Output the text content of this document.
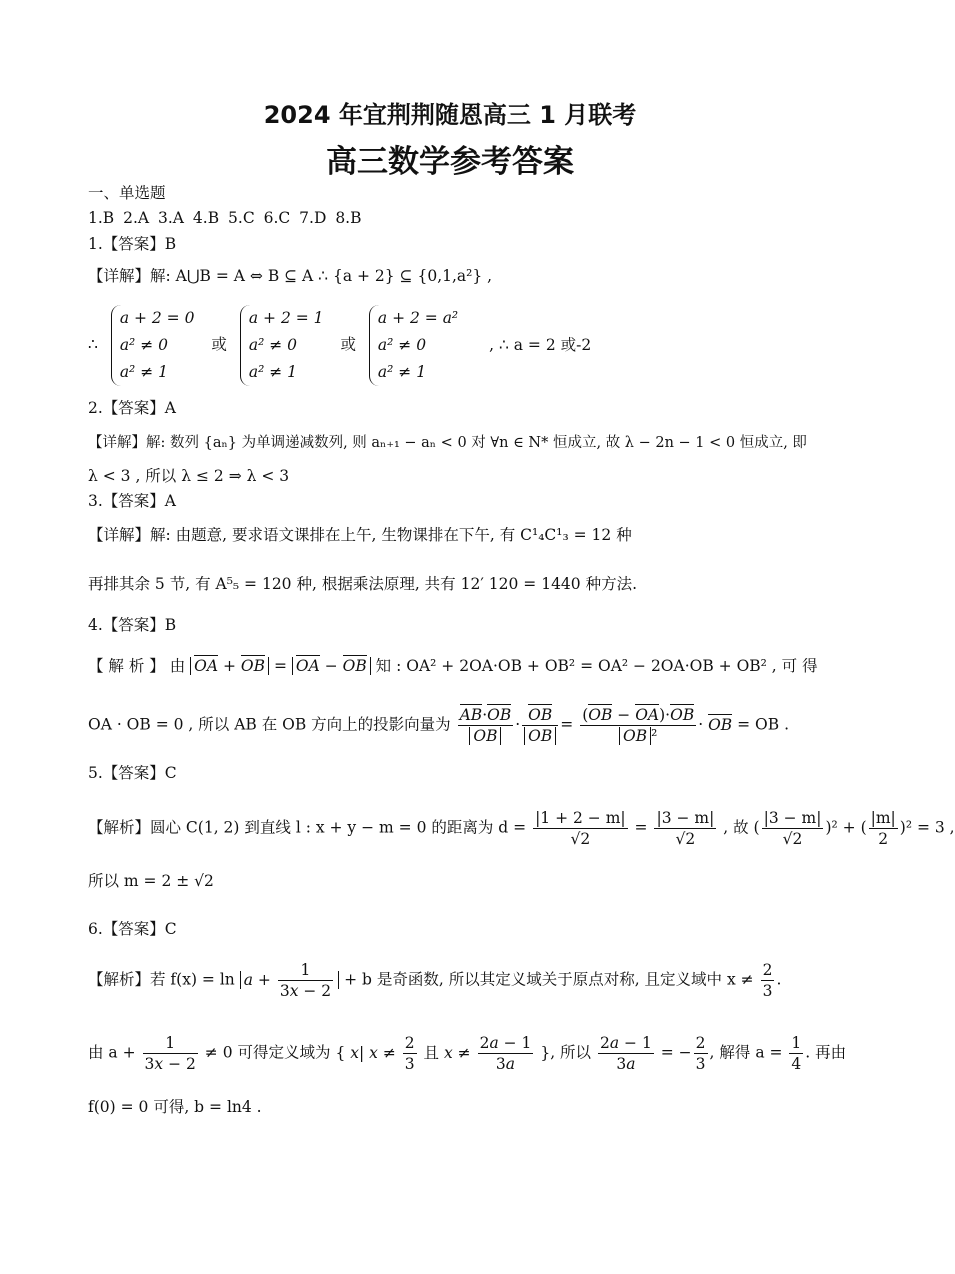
2024 年宜荆荆随恩高三 1 月联考
高三数学参考答案
一、单选题
1.B 2.A 3.A 4.B 5.C 6.C 7.D 8.B
1.【答案】B
【详解】解: A⋃B = A ⇔ B ⊆ A ∴ {a + 2} ⊆ {0,1,a²} ,
∴
a + 2 = 0
a² ≠ 0
a² ≠ 1
或
a + 2 = 1
a² ≠ 0
a² ≠ 1
或
a + 2 = a²
a² ≠ 0
a² ≠ 1
, ∴ a = 2 或-2
2.【答案】A
【详解】解: 数列 {aₙ} 为单调递减数列, 则 aₙ₊₁ − aₙ < 0 对 ∀n ∈ N* 恒成立, 故 λ − 2n − 1 < 0 恒成立, 即
λ < 3 , 所以 λ ≤ 2 ⇒ λ < 3
3.【答案】A
【详解】解: 由题意, 要求语文课排在上午, 生物课排在下午, 有 C¹₄C¹₃ = 12 种
再排其余 5 节, 有 A⁵₅ = 120 种, 根据乘法原理, 共有 12′ 120 = 1440 种方法.
4.【答案】B
【 解 析 】 由 OA + OB = OA − OB 知 : OA² + 2OA·OB + OB² = OA² − 2OA·OB + OB² , 可 得
OA · OB = 0 , 所以 AB 在 OB 方向上的投影向量为 $\frac{AB\cdot OB}{OB} \cdot \frac{OB}{OB} = \frac{(OB - OA)\cdot OB}{\text{OB ²}}$ · OB = OB .
5.【答案】C
【解析】圆心 C(1, 2) 到直线 l : x + y − m = 0 的距离为 $d = \frac{|1 + 2 - m|}{√2} = \frac{|3 - m|}{√2}$ , 故 ( $\frac{|3 - m|}{√2} )^2$ + ( $\frac{|m|}{2} )^2 = 3$ ,
所以 m = 2 ± √2
6.【答案】C
【解析】若 $f(x) = \ln a + \frac{1}{3x - 2} + b$ 是奇函数, 所以其定义域关于原点对称, 且定义域中 $x \ne \frac{2}{3}$ .
由 $a + \frac{1}{3x - 2} \ne 0$ 可得定义域为 { x| $x \ne \frac{2}{3}$ 且 $x \ne \frac{2a - 1}{3a}$ }, 所以 $\frac{2a - 1}{3a}$ = − $\frac{2}{3}$ , 解得 $a = \frac{1}{4}$ . 再由
f(0) = 0 可得, b = ln4 .
